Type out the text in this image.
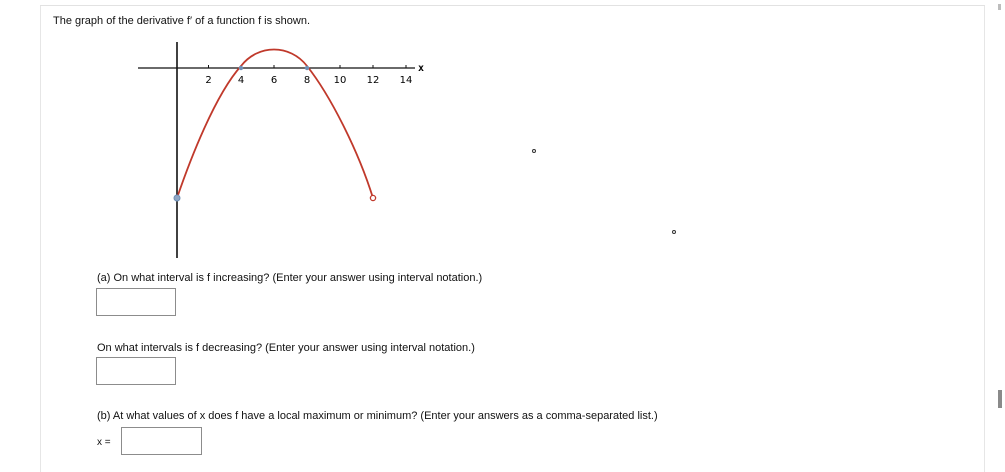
The graph of the derivative f′ of a function f is shown.
2	4	6	8 10 12 14
x
(a) On what interval is f increasing? (Enter your answer using interval notation.)
On what intervals is f decreasing? (Enter your answer using interval notation.)
(b) At what values of x does f have a local maximum or minimum? (Enter your answers as a comma-separated list.)
x =
